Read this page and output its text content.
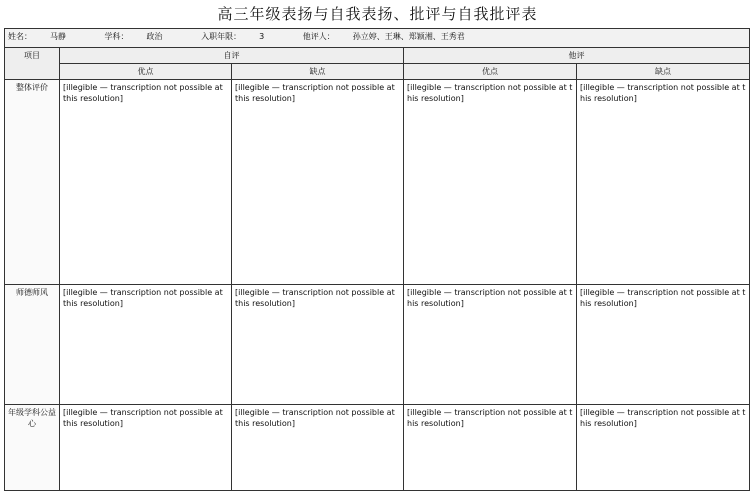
高三年级表扬与自我表扬、批评与自我批评表
姓名： 马静 学科： 政治 入职年限： 3 他评人： 孙立婷、王琳、郑颖湘、王秀君				
项目	自评		他评	
	优点	缺点	优点	缺点
整体评价	[illegible — transcription not possible at this resolution]	[illegible — transcription not possible at this resolution]	[illegible — transcription not possible at this resolution]	[illegible — transcription not possible at this resolution]
师德师风	[illegible — transcription not possible at this resolution]	[illegible — transcription not possible at this resolution]	[illegible — transcription not possible at this resolution]	[illegible — transcription not possible at this resolution]
年级学科公益心	[illegible — transcription not possible at this resolution]	[illegible — transcription not possible at this resolution]	[illegible — transcription not possible at this resolution]	[illegible — transcription not possible at this resolution]
